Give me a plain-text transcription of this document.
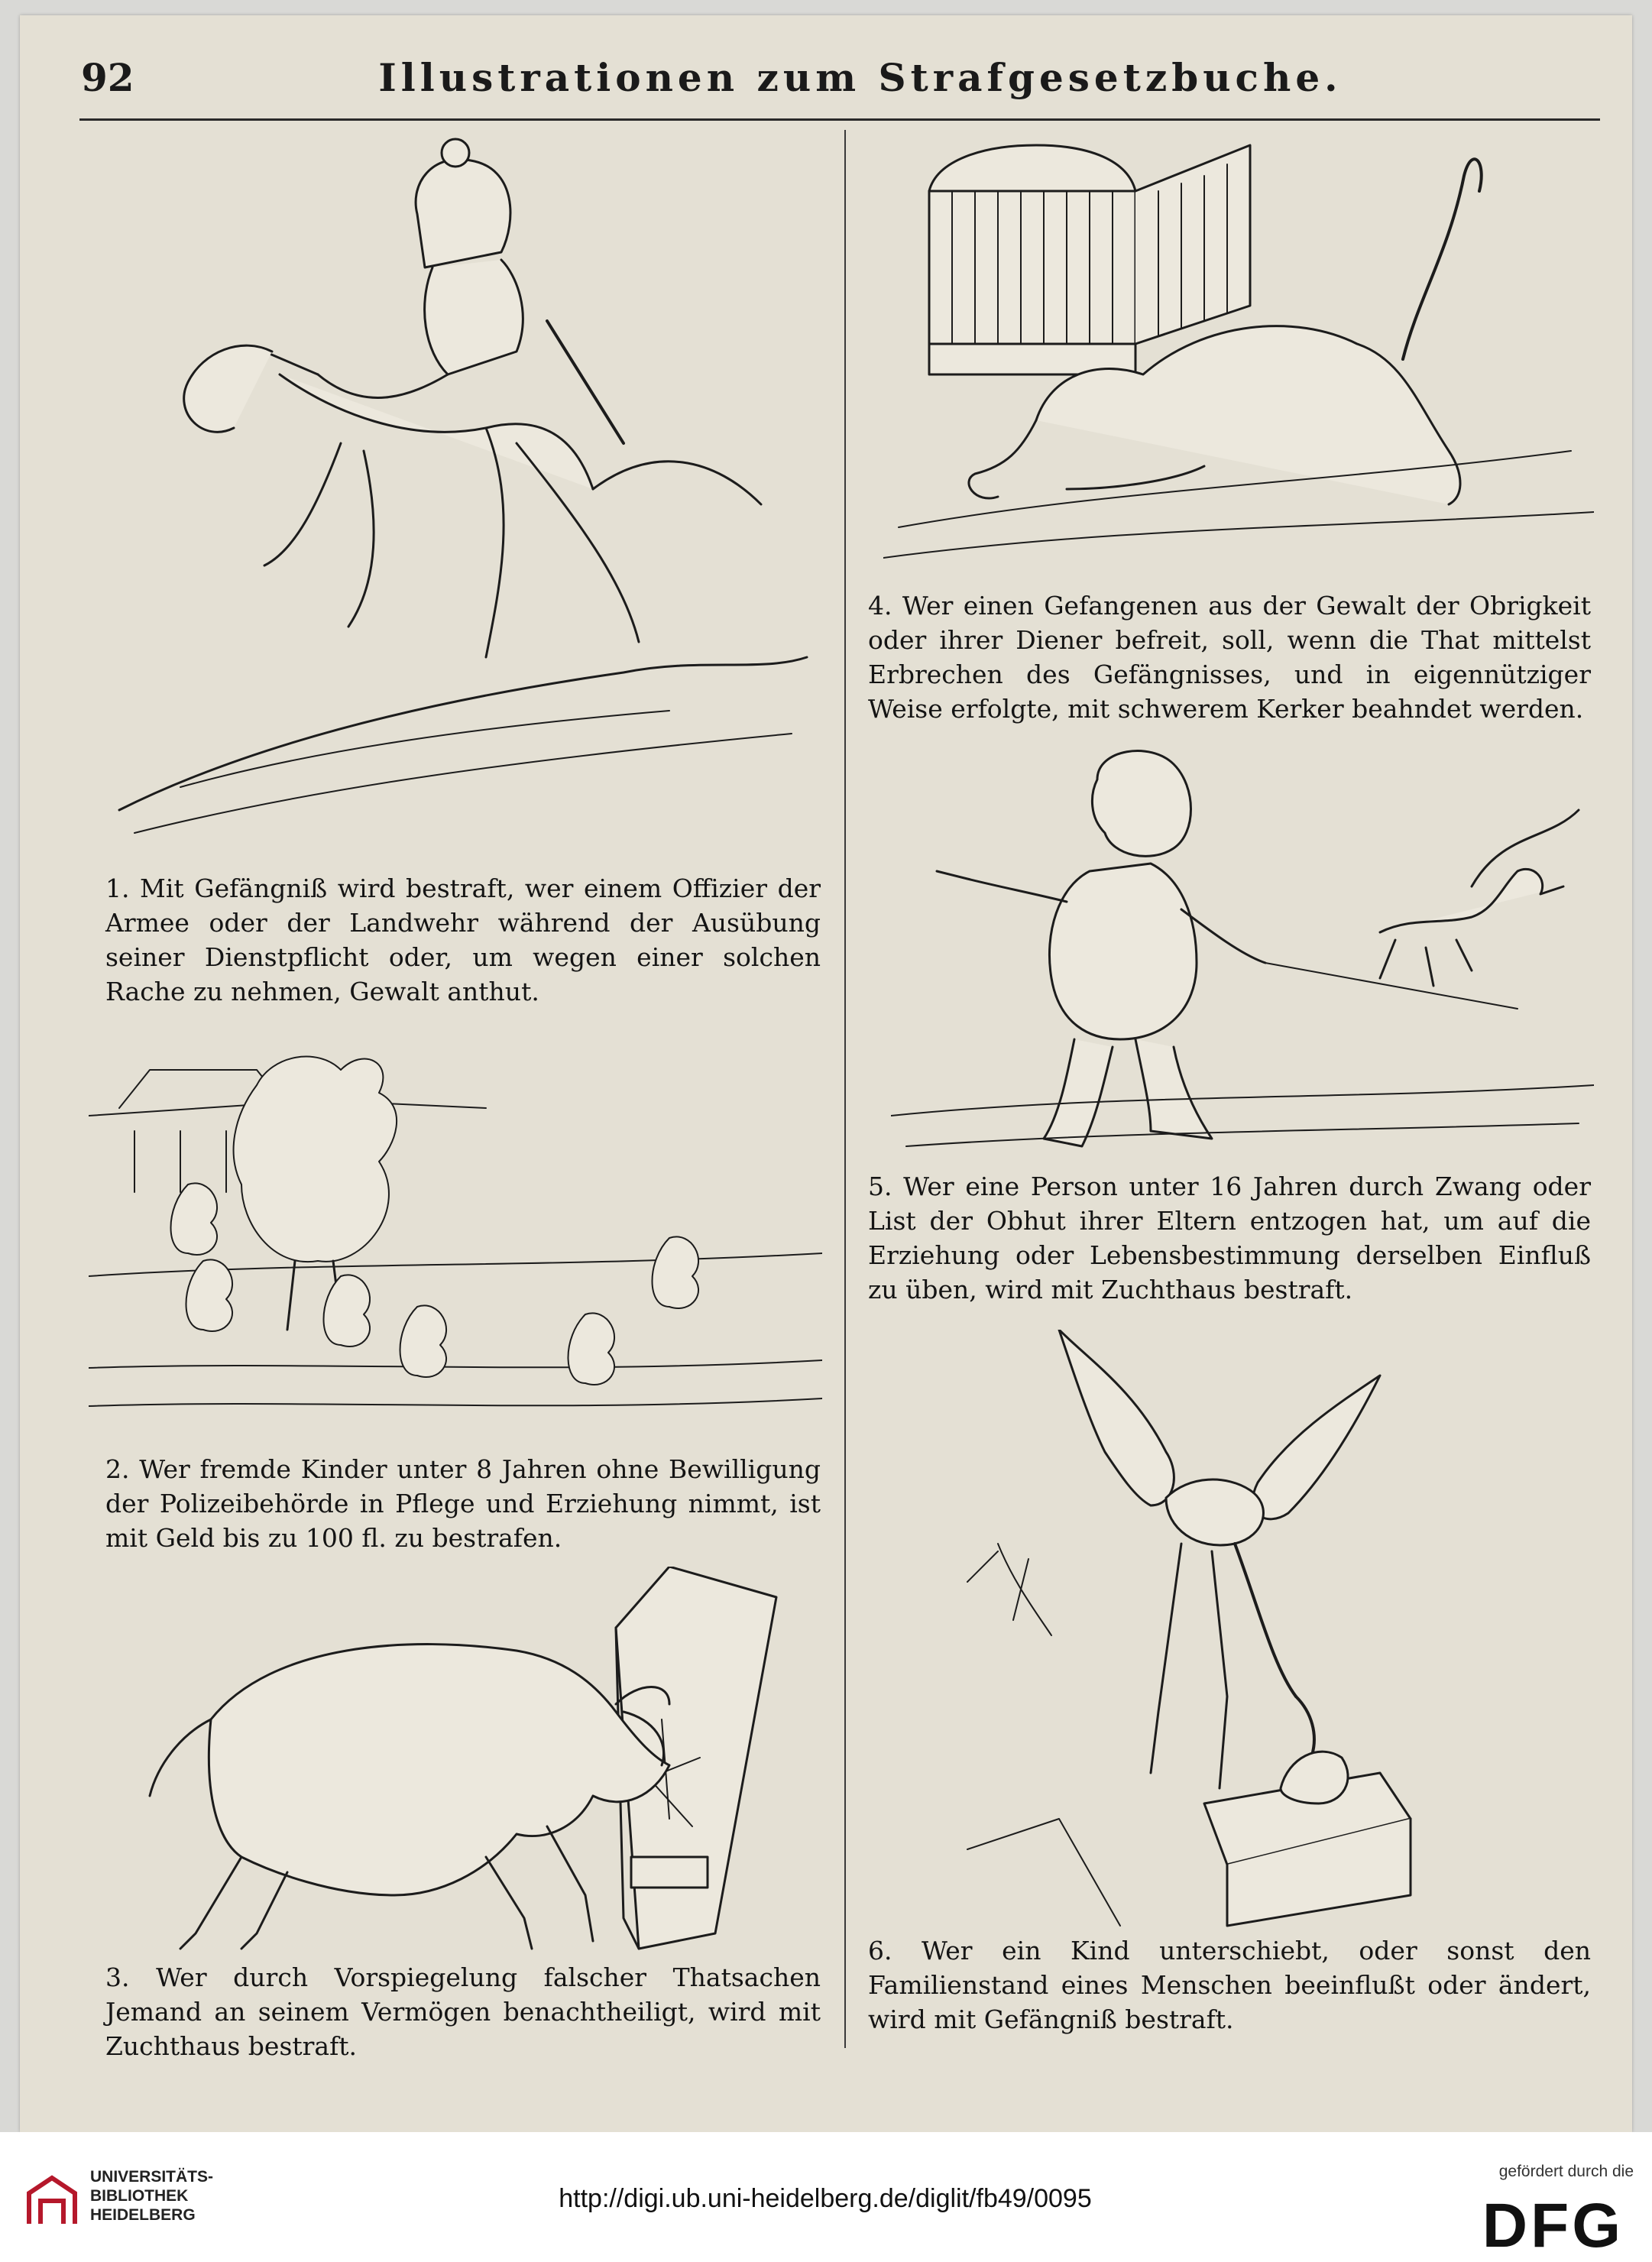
92	Illustrationen zum Strafgesetzbuche.
1. Mit Gefängniß wird bestraft, wer einem Offizier der Armee oder der Landwehr während der Ausübung seiner Dienstpflicht oder, um wegen einer solchen Rache zu nehmen, Gewalt anthut.
2. Wer fremde Kinder unter 8 Jahren ohne Bewilligung der Polizeibehörde in Pflege und Erziehung nimmt, ist mit Geld bis zu 100 fl. zu bestrafen.
3. Wer durch Vorspiegelung falscher Thatsachen Jemand an seinem Vermögen benachtheiligt, wird mit Zuchthaus bestraft.
4. Wer einen Gefangenen aus der Gewalt der Obrigkeit oder ihrer Diener befreit, soll, wenn die That mittelst Erbrechen des Gefängnisses, und in eigennütziger Weise erfolgte, mit schwerem Kerker beahndet werden.
5. Wer eine Person unter 16 Jahren durch Zwang oder List der Obhut ihrer Eltern entzogen hat, um auf die Erziehung oder Lebensbestimmung derselben Einfluß zu üben, wird mit Zuchthaus bestraft.
6. Wer ein Kind unterschiebt, oder sonst den Familienstand eines Menschen beeinflußt oder ändert, wird mit Gefängniß bestraft.
UNIVERSITÄTS-
BIBLIOTHEK
HEIDELBERG
http://digi.ub.uni-heidelberg.de/diglit/fb49/0095
gefördert durch die
DFG
